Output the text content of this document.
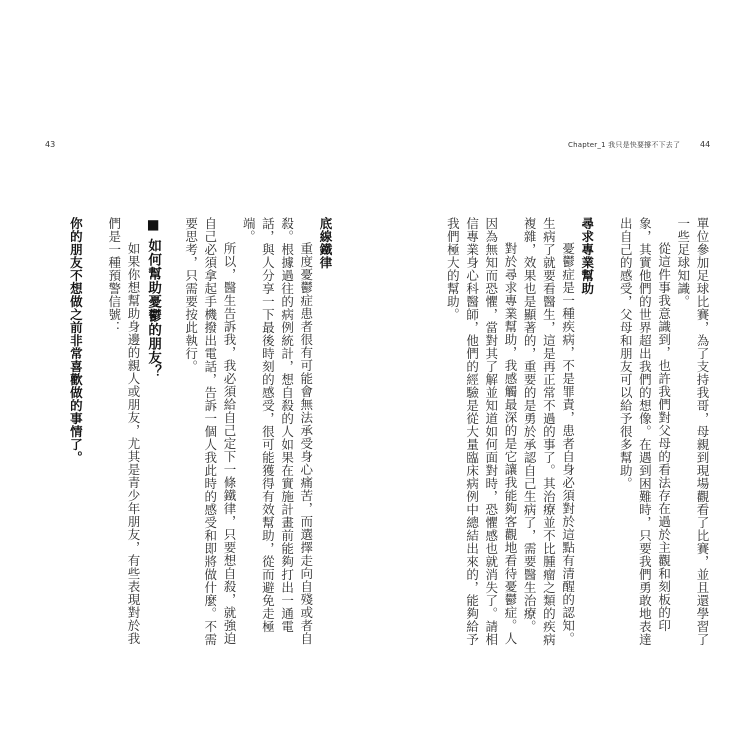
43	Chapter_1 我只是快要撐不下去了 44

單位參加足球比賽，為了支持我哥，母親到現場觀看了比賽，並且還學習了一些足球知識。

從這件事我意識到，也許我們對父母的看法存在過於主觀和刻板的印象，其實他們的世界超出我們的想像。在遇到困難時，只要我們勇敢地表達出自己的感受，父母和朋友可以給予很多幫助。

尋求專業幫助

憂鬱症是一種疾病，不是罪責，患者自身必須對於這點有清醒的認知。生病了就要看醫生，這是再正常不過的事了。其治療並不比腫瘤之類的疾病複雜，效果也是顯著的，重要的是勇於承認自己生病了，需要醫生治療。

對於尋求專業幫助，我感觸最深的是它讓我能夠客觀地看待憂鬱症。人因為無知而恐懼，當對其了解並知道如何面對時，恐懼感也就消失了。請相信專業身心科醫師，他們的經驗是從大量臨床病例中總結出來的，能夠給予我們極大的幫助。

底線鐵律

重度憂鬱症患者很有可能會無法承受身心痛苦，而選擇走向自殘或者自殺。根據過往的病例統計，想自殺的人如果在實施計畫前能夠打出一通電話，與人分享一下最後時刻的感受，很可能獲得有效幫助，從而避免走極端。

所以，醫生告訴我，我必須給自己定下一條鐵律，只要想自殺，就強迫自己必須拿起手機撥出電話，告訴一個人我此時的感受和即將做什麼。不需要思考，只需要按此執行。

■ 如何幫助憂鬱的朋友？

如果你想幫助身邊的親人或朋友，尤其是青少年朋友，有些表現對於我們是一種預警信號：

你的朋友不想做之前非常喜歡做的事情了。
